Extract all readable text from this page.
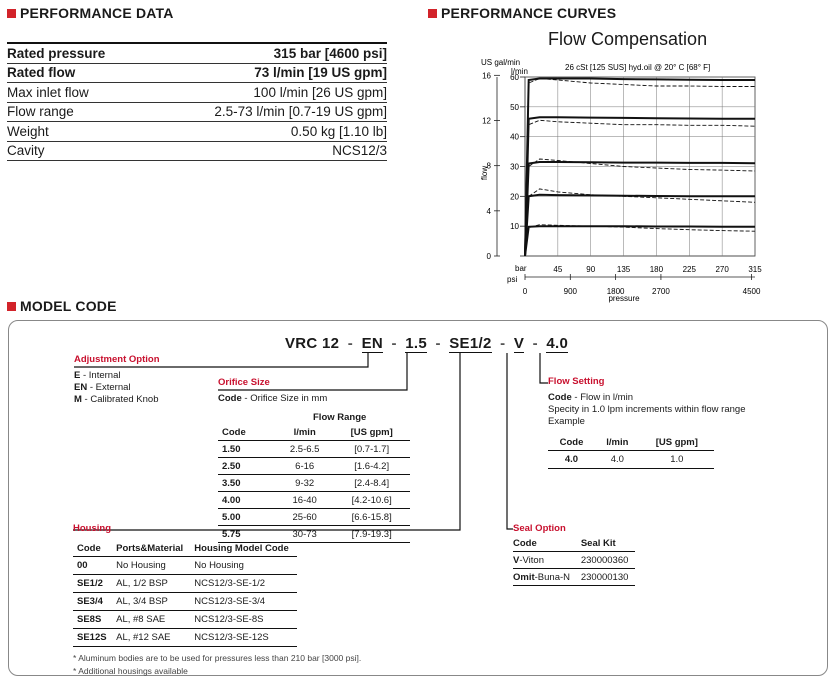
PERFORMANCE DATA
Rated pressure	315 bar [4600 psi]
Rated flow	73 l/min [19 US gpm]
Max inlet flow	100 l/min [26 US gpm]
Flow range	2.5-73 l/min [0.7-19 US gpm]
Weight	0.50 kg [1.10 lb]
Cavity	NCS12/3
PERFORMANCE CURVES
Flow Compensation
US gal/min
l/min	26 cSt [125 SUS] hyd.oil @ 20° C [68° F]
flow
bar
psi
pressure
10
20
30
40
50
60
0
4
8
12
16
45	90	135 180 225 270 315
0	900	1800	2700	4500
MODEL CODE
VRC 12 - EN - 1.5 - SE1/2 - V - 4.0
Adjustment Option
E - Internal
EN - External
M - Calibrated Knob
Orifice Size
Code - Orifice Size in mm
Flow Range
Code	l/min	[US gpm]
1.50	2.5-6.5	[0.7-1.7]
2.50	6-16	[1.6-4.2]
3.50	9-32	[2.4-8.4]
4.00	16-40	[4.2-10.6]
5.00	25-60	[6.6-15.8]
5.75	30-73	[7.9-19.3]
Housing
Code	Ports&Material	Housing Model Code
00	No Housing	No Housing
SE1/2	AL, 1/2 BSP	NCS12/3-SE-1/2
SE3/4	AL, 3/4 BSP	NCS12/3-SE-3/4
SE8S	AL, #8 SAE	NCS12/3-SE-8S
SE12S	AL, #12 SAE	NCS12/3-SE-12S
* Aluminum bodies are to be used for pressures less than 210 bar [3000 psi].
* Additional housings available
Flow Setting
Code - Flow in l/min
Specity in 1.0 lpm increments within flow range
Example
Code	l/min	[US gpm]
4.0	4.0	1.0
Seal Option
Code	Seal Kit
V-Viton	230000360
Omit-Buna-N	230000130
